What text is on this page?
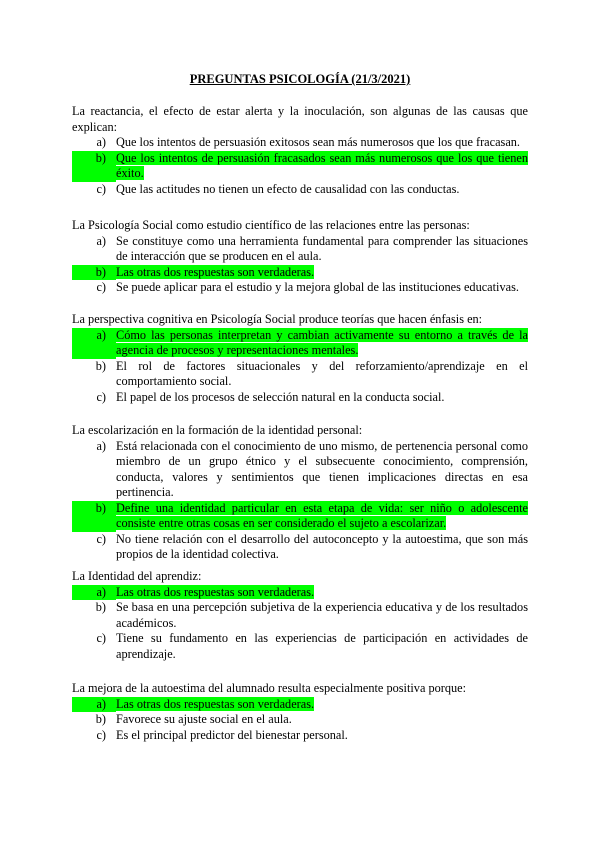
PREGUNTAS PSICOLOGÍA (21/3/2021)
La reactancia, el efecto de estar alerta y la inoculación, son algunas de las causas que explican:
a) Que los intentos de persuasión exitosos sean más numerosos que los que fracasan.
b) Que los intentos de persuasión fracasados sean más numerosos que los que tienen éxito.
c) Que las actitudes no tienen un efecto de causalidad con las conductas.
La Psicología Social como estudio científico de las relaciones entre las personas:
a) Se constituye como una herramienta fundamental para comprender las situaciones de interacción que se producen en el aula.
b) Las otras dos respuestas son verdaderas.
c) Se puede aplicar para el estudio y la mejora global de las instituciones educativas.
La perspectiva cognitiva en Psicología Social produce teorías que hacen énfasis en:
a) Cómo las personas interpretan y cambian activamente su entorno a través de la agencia de procesos y representaciones mentales.
b) El rol de factores situacionales y del reforzamiento/aprendizaje en el comportamiento social.
c) El papel de los procesos de selección natural en la conducta social.
La escolarización en la formación de la identidad personal:
a) Está relacionada con el conocimiento de uno mismo, de pertenencia personal como miembro de un grupo étnico y el subsecuente conocimiento, comprensión, conducta, valores y sentimientos que tienen implicaciones directas en esa pertinencia.
b) Define una identidad particular en esta etapa de vida: ser niño o adolescente consiste entre otras cosas en ser considerado el sujeto a escolarizar.
c) No tiene relación con el desarrollo del autoconcepto y la autoestima, que son más propios de la identidad colectiva.
La Identidad del aprendiz:
a) Las otras dos respuestas son verdaderas.
b) Se basa en una percepción subjetiva de la experiencia educativa y de los resultados académicos.
c) Tiene su fundamento en las experiencias de participación en actividades de aprendizaje.
La mejora de la autoestima del alumnado resulta especialmente positiva porque:
a) Las otras dos respuestas son verdaderas.
b) Favorece su ajuste social en el aula.
c) Es el principal predictor del bienestar personal.
